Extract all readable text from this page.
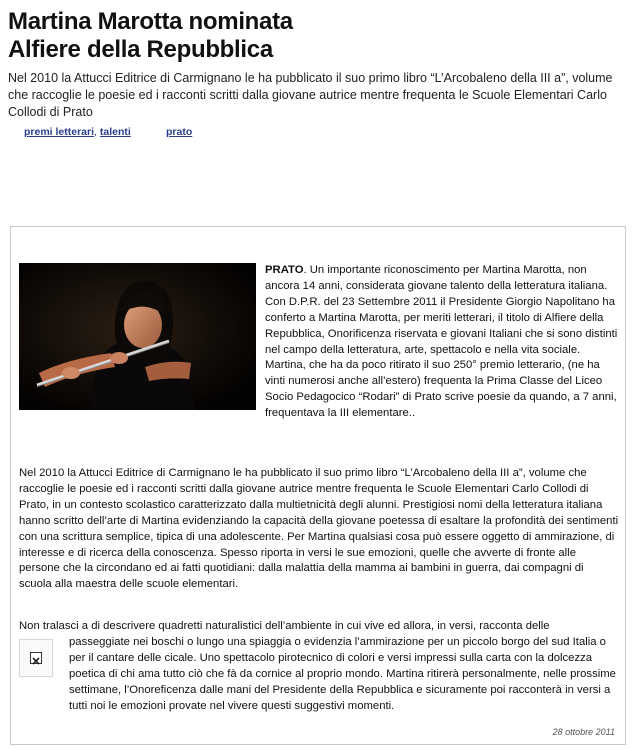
Martina Marotta nominata
Alfiere della Repubblica

Nel 2010 la Attucci Editrice di Carmignano le ha pubblicato il suo primo libro “L’Arcobaleno della III a”, volume che raccoglie le poesie ed i racconti scritti dalla giovane autrice mentre frequenta le Scuole Elementari Carlo Collodi di Prato

premi letterari, talenti	prato

PRATO. Un importante riconoscimento per Martina Marotta, non ancora 14 anni, considerata giovane talento della letteratura italiana. Con D.P.R. del 23 Settembre 2011 il Presidente Giorgio Napolitano ha conferto a Martina Marotta, per meriti letterari, il titolo di Alfiere della Repubblica, Onorificenza riservata e giovani Italiani che si sono distinti nel campo della letteratura, arte, spettacolo e nella vita sociale. Martina, che ha da poco ritirato il suo 250° premio letterario, (ne ha vinti numerosi anche all’estero) frequenta la Prima Classe del Liceo Socio Pedagocico “Rodari” di Prato scrive poesie da quando, a 7 anni, frequentava la III elementare..

Nel 2010 la Attucci Editrice di Carmignano le ha pubblicato il suo primo libro “L’Arcobaleno della III a”, volume che raccoglie le poesie ed i racconti scritti dalla giovane autrice mentre frequenta le Scuole Elementari Carlo Collodi di Prato, in un contesto scolastico caratterizzato dalla multietnicità degli alunni. Prestigiosi nomi della letteratura italiana hanno scritto dell’arte di Martina evidenziando la capacità della giovane poetessa di esaltare la profondità dei sentimenti con una scrittura semplice, tipica di una adolescente. Per Martina qualsiasi cosa può essere oggetto di ammirazione, di interesse e di ricerca della conoscenza. Spesso riporta in versi le sue emozioni, quelle che avverte di fronte alle persone che la circondano ed ai fatti quotidiani: dalla malattia della mamma ai bambini in guerra, dai compagni di scuola alla maestra delle scuole elementari.

Non tralasci a di descrivere quadretti naturalistici dell’ambiente in cui vive ed allora, in versi, racconta delle
passeggiate nei boschi o lungo una spiaggia o evidenzia l’ammirazione per un piccolo borgo del sud Italia o per il cantare delle cicale. Uno spettacolo pirotecnico di colori e versi impressi sulla carta con la dolcezza poetica di chi ama tutto ciò che fà da cornice al proprio mondo. Martina ritirerà personalmente, nelle prossime settimane, l’Onoreficenza dalle mani del Presidente della Repubblica e sicuramente poi racconterà in versi a tutti noi le emozioni provate nel vivere questi suggestivi momenti.

28 ottobre 2011
